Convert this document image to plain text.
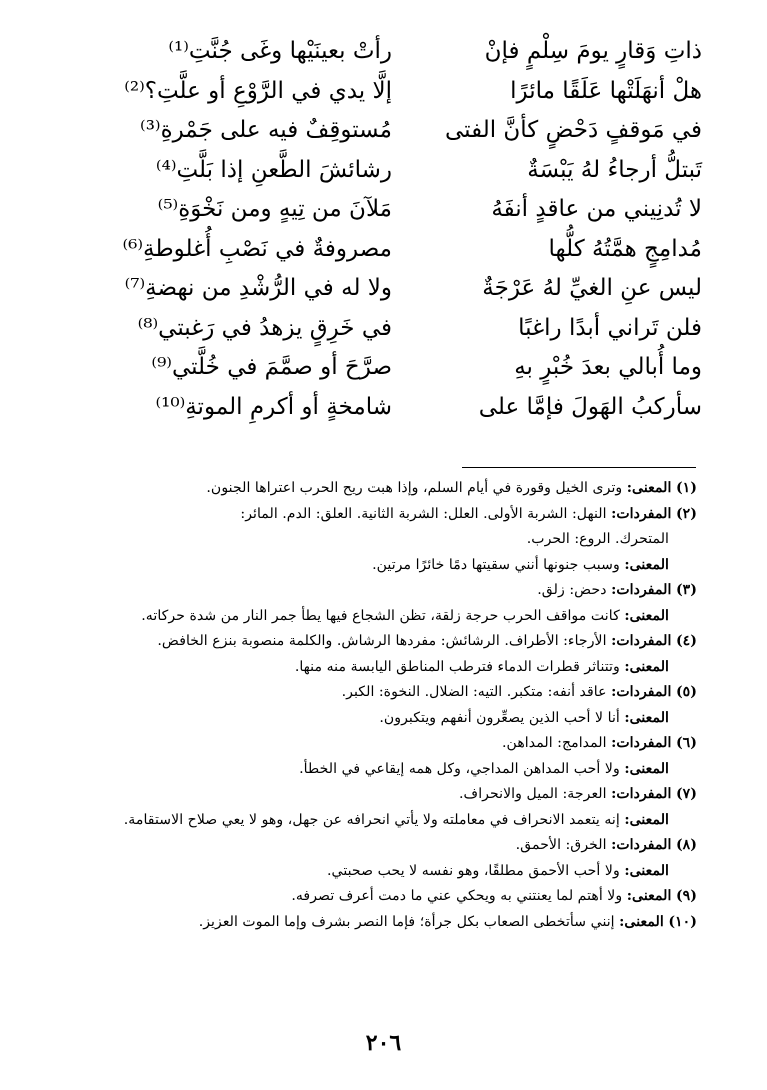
ذاتِ وَقارٍ يومَ سِلْمٍ فإنْ
رأتْ بعينَيْها وغَى جُنَّتِ⁽¹⁾
هلْ أنهَلَتْها عَلَقًا مائرًا
إلَّا يدي في الرَّوْعِ أو علَّتِ؟⁽²⁾
في مَوقفٍ دَحْضٍ كأنَّ الفتى
مُستوقِفٌ فيه على جَمْرةِ⁽³⁾
تَبتلُّ أرجاءُ لهُ يَبْسَةٌ
رشائشَ الطَّعنِ إذا بَلَّتِ⁽⁴⁾
لا تُدنِيني من عاقدٍ أنفَهُ
مَلآنَ من تِيهٍ ومن نَخْوَةِ⁽⁵⁾
مُدامِجٍ همَّتُهُ كلُّها
مصروفةٌ في نَصْبِ أُغلوطةِ⁽⁶⁾
ليس عنِ الغيِّ لهُ عَرْجَةٌ
ولا له في الرُّشْدِ من نهضةِ⁽⁷⁾
فلن تَراني أبدًا راغبًا
في خَرِقٍ يزهدُ في رَغبتي⁽⁸⁾
وما أُبالي بعدَ خُبْرٍ بهِ
صرَّحَ أو صمَّمَ في خُلَّتي⁽⁹⁾
سأركبُ الهَولَ فإمَّا على
شامخةٍ أو أكرمِ الموتةِ⁽¹⁰⁾
(١) المعنى: وترى الخيل وقورة في أيام السلم، وإذا هبت ريح الحرب اعتراها الجنون.
(٢) المفردات: النهل: الشربة الأولى. العلل: الشربة الثانية. العلق: الدم. المائر:
المتحرك. الروع: الحرب.
المعنى: وسبب جنونها أنني سقيتها دمًا خائرًا مرتين.
(٣) المفردات: دحض: زلق.
المعنى: كانت مواقف الحرب حرجة زلقة، تظن الشجاع فيها يطأ جمر النار من شدة حركاته.
(٤) المفردات: الأرجاء: الأطراف. الرشائش: مفردها الرشاش. والكلمة منصوبة بنزع الخافض.
المعنى: وتتناثر قطرات الدماء فترطب المناطق اليابسة منه منها.
(٥) المفردات: عاقد أنفه: متكبر. التيه: الضلال. النخوة: الكبر.
المعنى: أنا لا أحب الذين يصعِّرون أنفهم ويتكبرون.
(٦) المفردات: المدامج: المداهن.
المعنى: ولا أحب المداهن المداجي، وكل همه إيقاعي في الخطأ.
(٧) المفردات: العرجة: الميل والانحراف.
المعنى: إنه يتعمد الانحراف في معاملته ولا يأتي انحرافه عن جهل، وهو لا يعي صلاح الاستقامة.
(٨) المفردات: الخرق: الأحمق.
المعنى: ولا أحب الأحمق مطلقًا، وهو نفسه لا يحب صحبتي.
(٩) المعنى: ولا أهتم لما يعنتني به ويحكي عني ما دمت أعرف تصرفه.
(١٠) المعنى: إنني سأتخطى الصعاب بكل جرأة؛ فإما النصر بشرف وإما الموت العزيز.
٢٠٦
